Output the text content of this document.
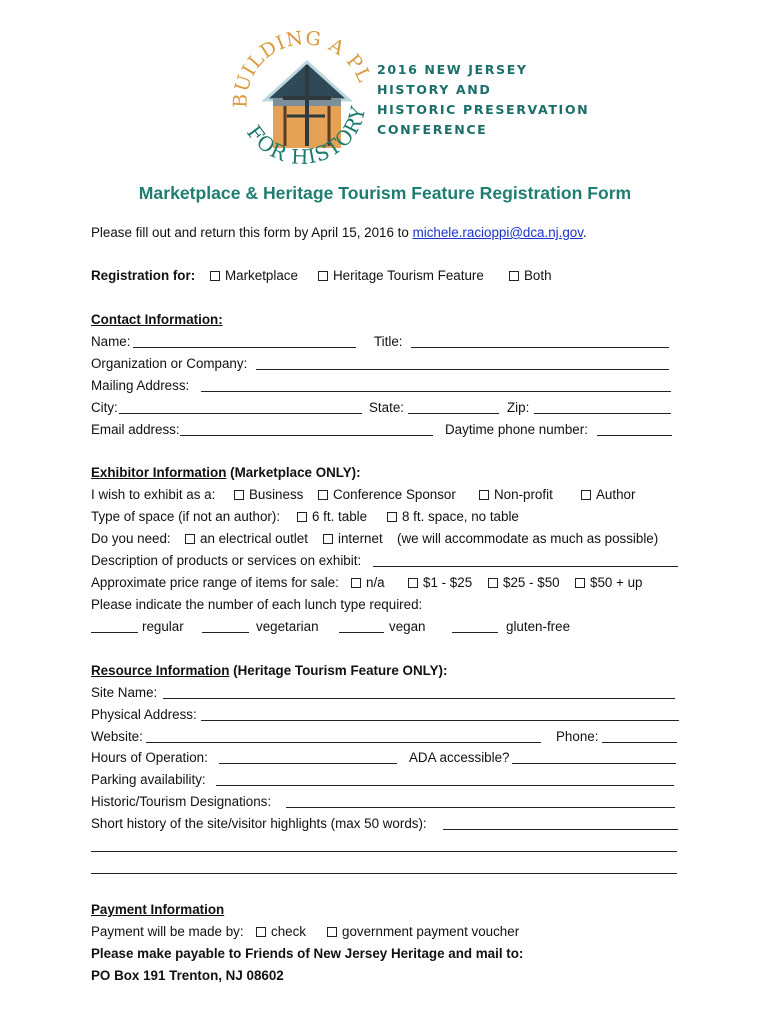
BUILDING A PL
FOR HISTORY
2016 NEW JERSEY
HISTORY AND
HISTORIC PRESERVATION
CONFERENCE
Marketplace & Heritage Tourism Feature Registration Form
Please fill out and return this form by April 15, 2016 to michele.racioppi@dca.nj.gov.
Registration for:	Marketplace	Heritage Tourism Feature	Both
Contact Information:
Name:	Title:
Organization or Company:
Mailing Address:
City:	State:	Zip:
Email address:	Daytime phone number:
Exhibitor Information (Marketplace ONLY):
I wish to exhibit as a:	Business	Conference Sponsor	Non-profit	Author
Type of space (if not an author):	6 ft. table	8 ft. space, no table
Do you need:	an electrical outlet	internet (we will accommodate as much as possible)
Description of products or services on exhibit:
Approximate price range of items for sale:	n/a	$1 - $25	$25 - $50	$50 + up
Please indicate the number of each lunch type required:
regular	vegetarian	vegan	gluten-free
Resource Information (Heritage Tourism Feature ONLY):
Site Name:
Physical Address:
Website:	Phone:
Hours of Operation:	ADA accessible?
Parking availability:
Historic/Tourism Designations:
Short history of the site/visitor highlights (max 50 words):
Payment Information
Payment will be made by:	check	government payment voucher
Please make payable to Friends of New Jersey Heritage and mail to:
PO Box 191 Trenton, NJ 08602
